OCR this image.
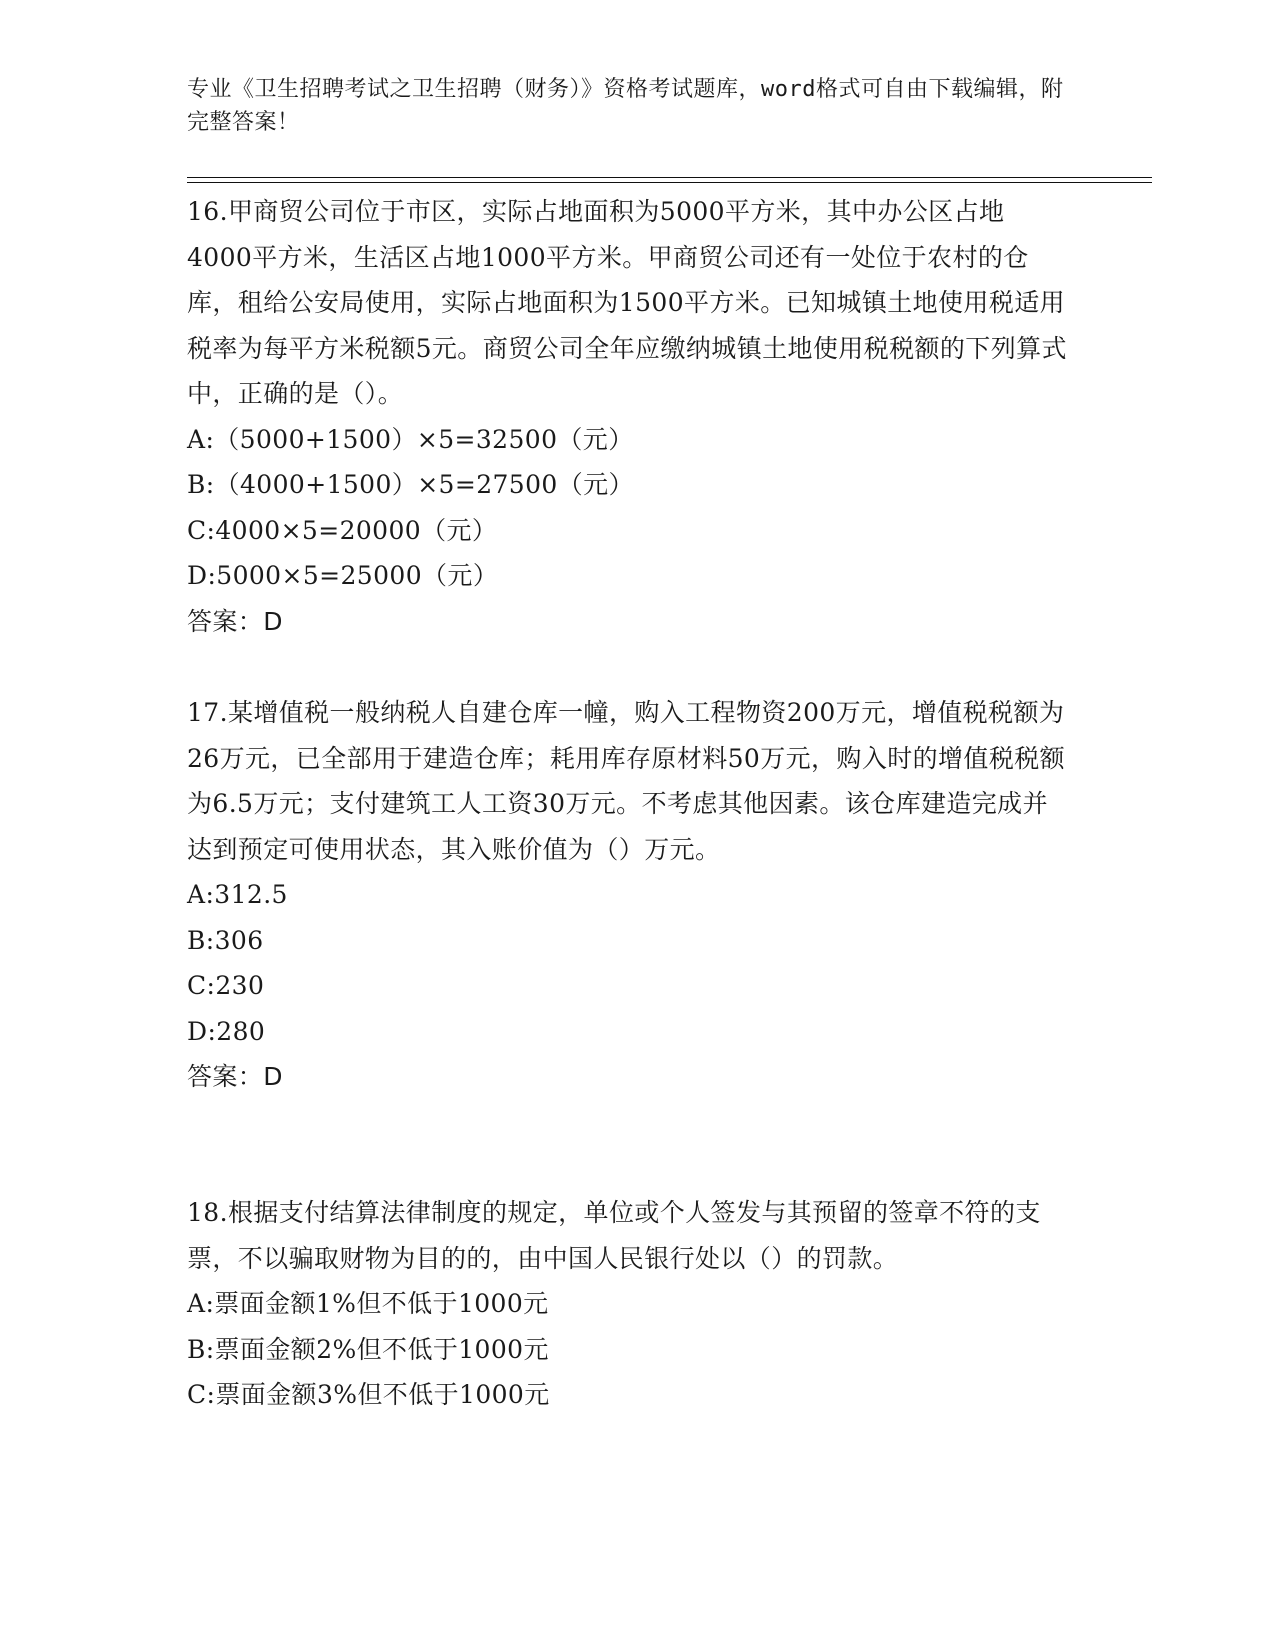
专业《卫生招聘考试之卫生招聘（财务）》资格考试题库，word格式可自由下载编辑，附完整答案！
16.甲商贸公司位于市区，实际占地面积为5000平方米，其中办公区占地4000平方米，生活区占地1000平方米。甲商贸公司还有一处位于农村的仓库，租给公安局使用，实际占地面积为1500平方米。已知城镇土地使用税适用税率为每平方米税额5元。商贸公司全年应缴纳城镇土地使用税税额的下列算式中，正确的是（）。
A:（5000+1500）×5=32500（元）
B:（4000+1500）×5=27500（元）
C:4000×5=20000（元）
D:5000×5=25000（元）
答案：D
17.某增值税一般纳税人自建仓库一幢，购入工程物资200万元，增值税税额为26万元，已全部用于建造仓库；耗用库存原材料50万元，购入时的增值税税额为6.5万元；支付建筑工人工资30万元。不考虑其他因素。该仓库建造完成并达到预定可使用状态，其入账价值为（）万元。
A:312.5
B:306
C:230
D:280
答案：D
18.根据支付结算法律制度的规定，单位或个人签发与其预留的签章不符的支票，不以骗取财物为目的的，由中国人民银行处以（）的罚款。
A:票面金额1%但不低于1000元
B:票面金额2%但不低于1000元
C:票面金额3%但不低于1000元
